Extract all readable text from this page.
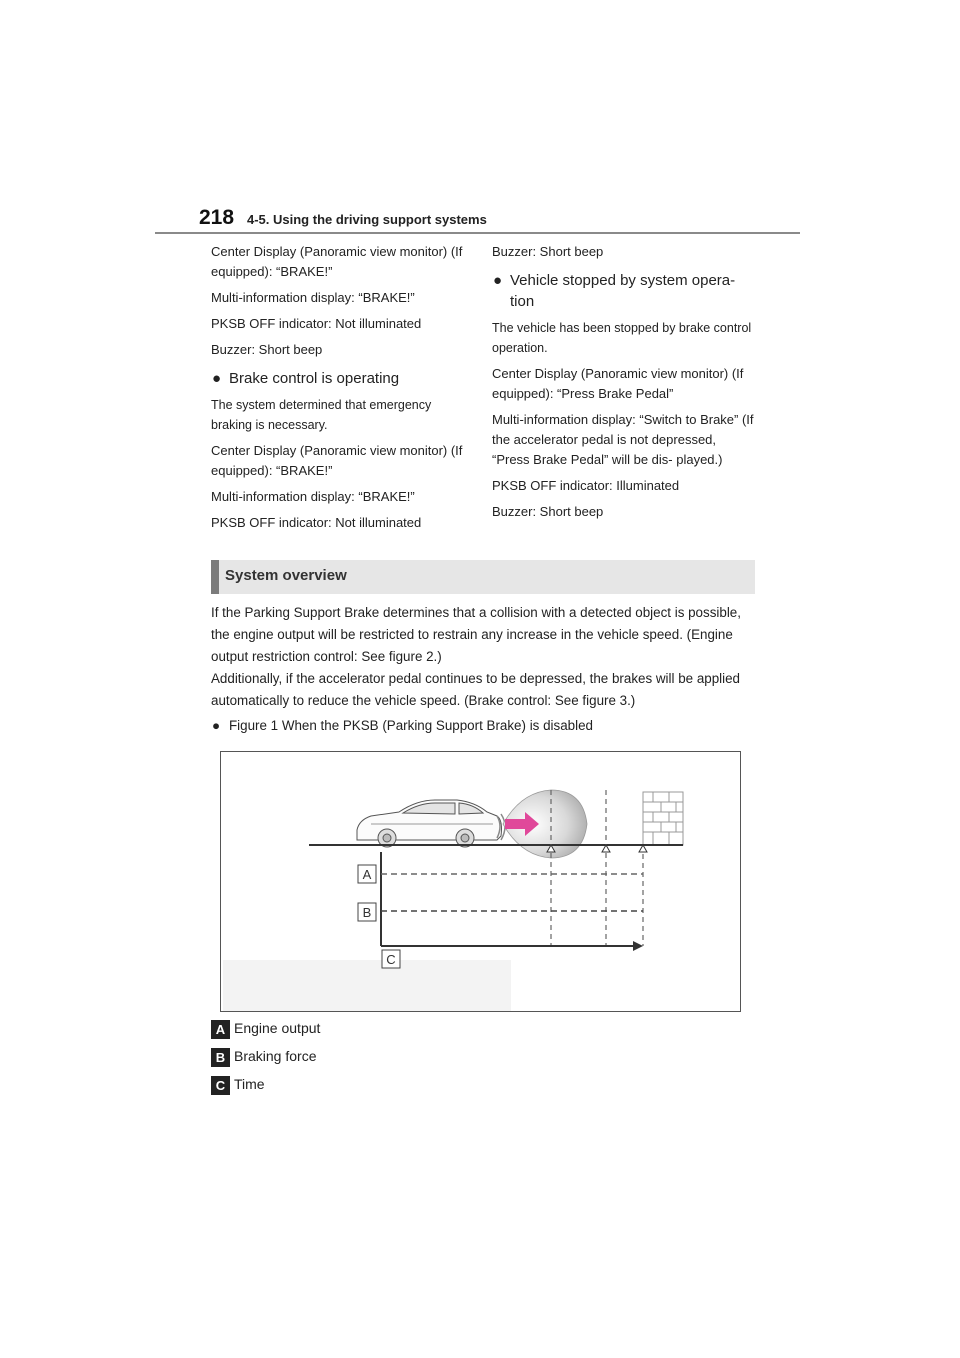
218 4-5. Using the driving support systems
Center Display (Panoramic view monitor) (If equipped): “BRAKE!”
Multi-information display: “BRAKE!”
PKSB OFF indicator: Not illuminated
Buzzer: Short beep
● Brake control is operating
The system determined that emergency braking is necessary.
Center Display (Panoramic view monitor) (If equipped): “BRAKE!”
Multi-information display: “BRAKE!”
PKSB OFF indicator: Not illuminated
Buzzer: Short beep
● Vehicle stopped by system opera- tion
The vehicle has been stopped by brake control operation.
Center Display (Panoramic view monitor) (If equipped): “Press Brake Pedal”
Multi-information display: “Switch to Brake” (If the accelerator pedal is not depressed, “Press Brake Pedal” will be dis- played.)
PKSB OFF indicator: Illuminated
Buzzer: Short beep
System overview
If the Parking Support Brake determines that a collision with a detected object is possible, the engine output will be restricted to restrain any increase in the vehicle speed. (Engine output restriction control: See figure 2.)
Additionally, if the accelerator pedal continues to be depressed, the brakes will be applied automatically to reduce the vehicle speed. (Brake control: See figure 3.)
● Figure 1 When the PKSB (Parking Support Brake) is disabled
A
B
C
A Engine output
B Braking force
C Time
